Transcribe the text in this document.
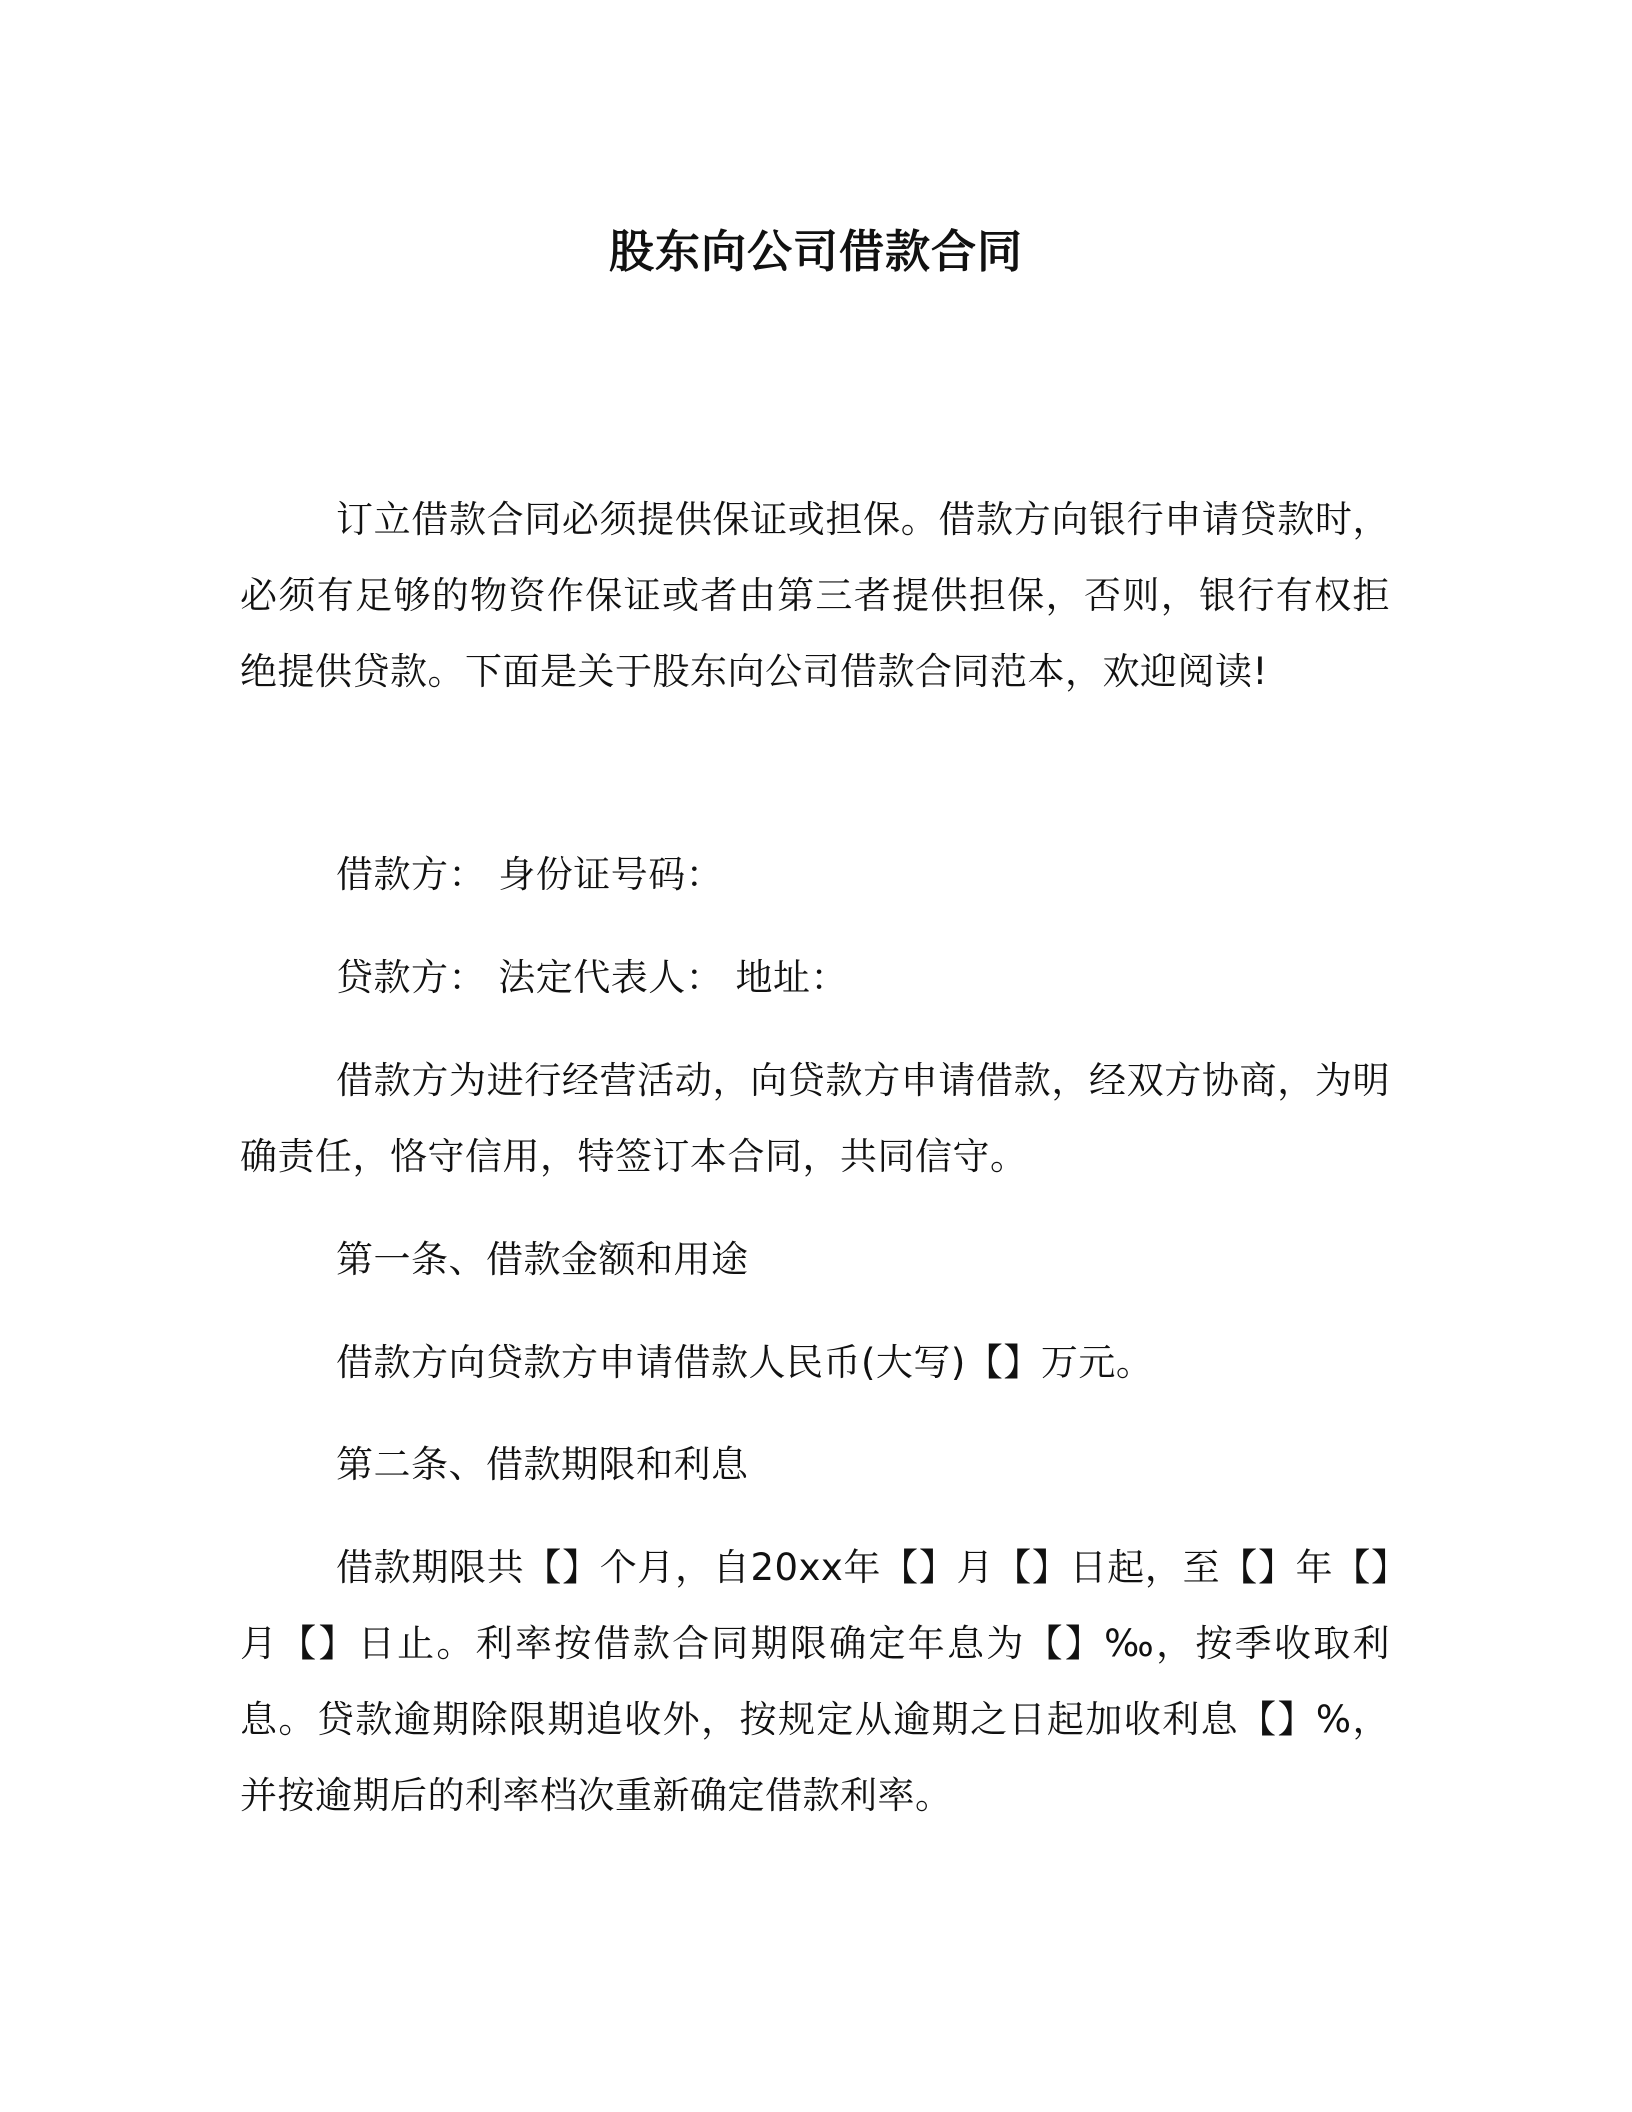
股东向公司借款合同

订立借款合同必须提供保证或担保。借款方向银行申请贷款时，必须有足够的物资作保证或者由第三者提供担保，否则，银行有权拒绝提供贷款。下面是关于股东向公司借款合同范本，欢迎阅读!

借款方： 身份证号码：

贷款方： 法定代表人： 地址：

借款方为进行经营活动，向贷款方申请借款，经双方协商，为明确责任，恪守信用，特签订本合同，共同信守。

第一条、借款金额和用途

借款方向贷款方申请借款人民币(大写)【】万元。

第二条、借款期限和利息

借款期限共【】个月，自20xx年【】月【】日起，至【】年【】月【】日止。利率按借款合同期限确定年息为【】‰，按季收取利息。贷款逾期除限期追收外，按规定从逾期之日起加收利息【】%，并按逾期后的利率档次重新确定借款利率。
